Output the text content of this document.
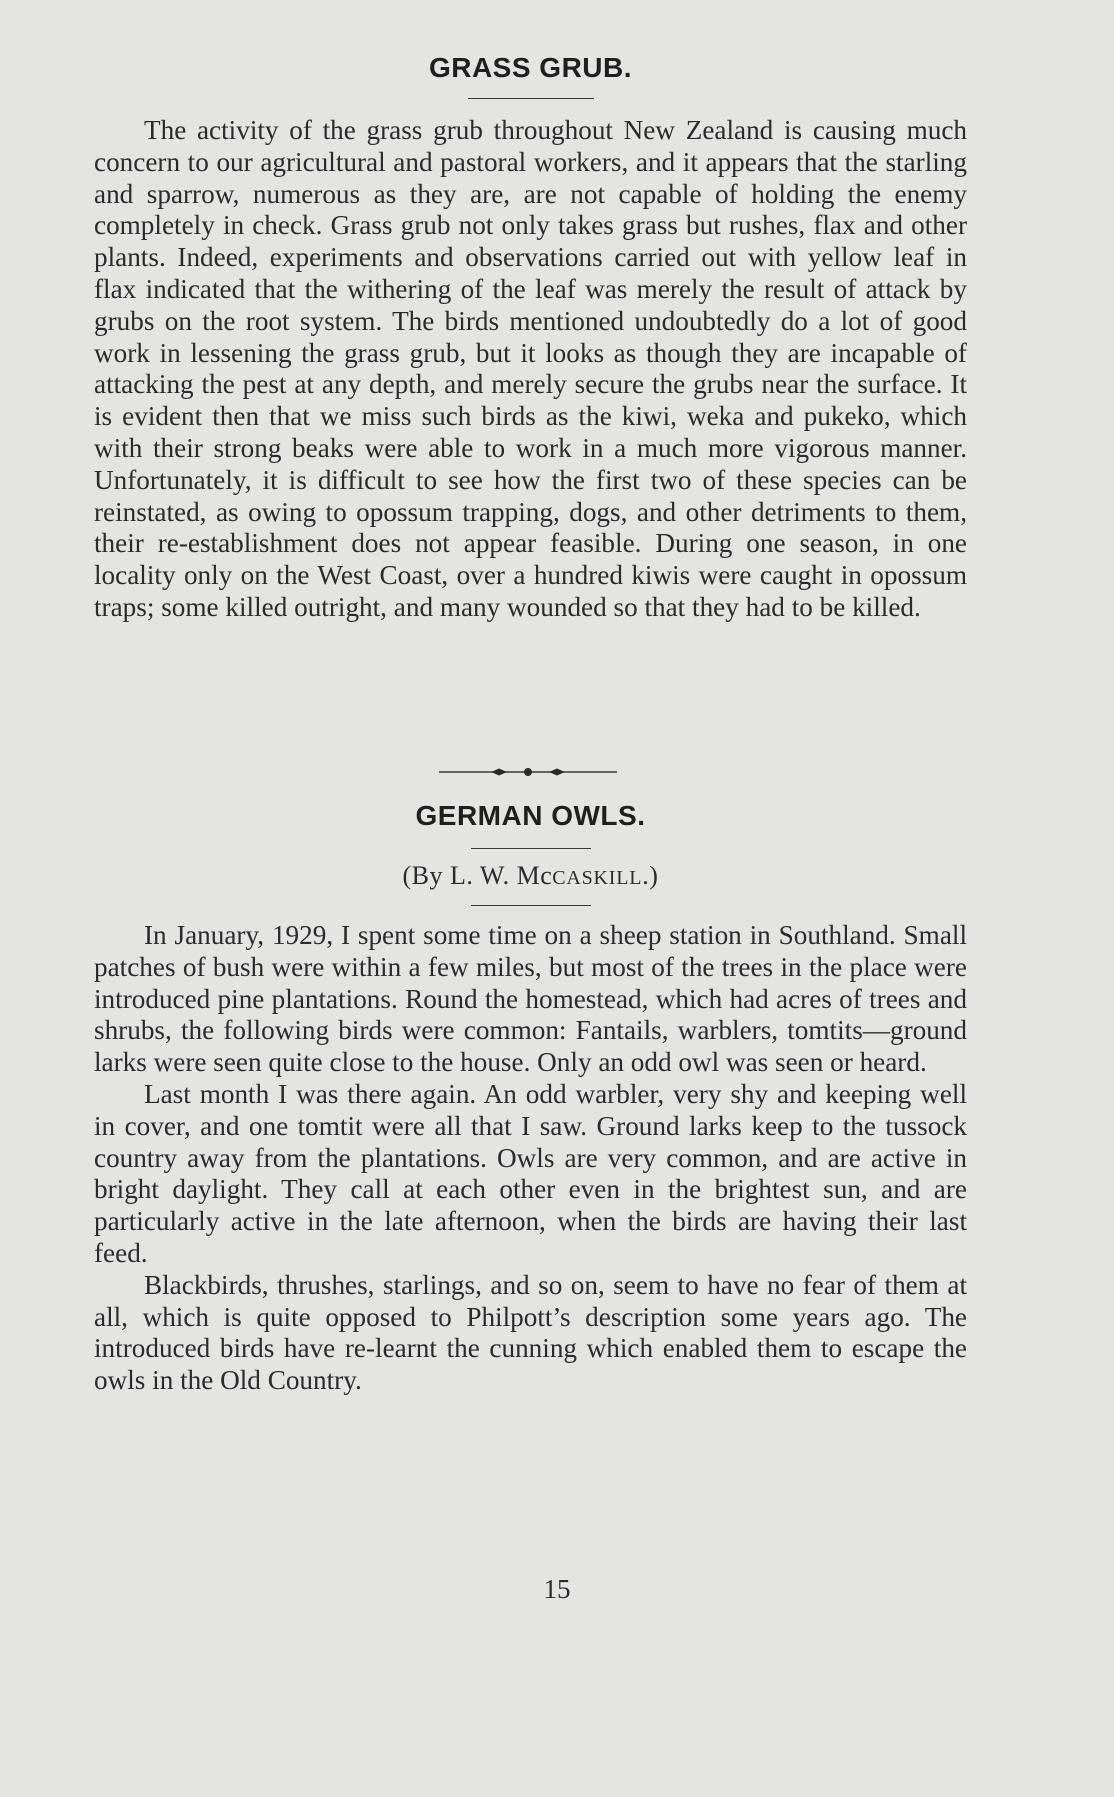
GRASS GRUB.

The activity of the grass grub throughout New Zealand is causing much concern to our agricultural and pastoral workers, and it appears that the starling and sparrow, numerous as they are, are not capable of holding the enemy completely in check. Grass grub not only takes grass but rushes, flax and other plants. Indeed, experiments and observations carried out with yellow leaf in flax indicated that the withering of the leaf was merely the result of attack by grubs on the root system. The birds mentioned undoubtedly do a lot of good work in lessening the grass grub, but it looks as though they are incapable of attacking the pest at any depth, and merely secure the grubs near the surface. It is evident then that we miss such birds as the kiwi, weka and pukeko, which with their strong beaks were able to work in a much more vigorous manner. Unfortunately, it is difficult to see how the first two of these species can be reinstated, as owing to opossum trapping, dogs, and other detriments to them, their re-establishment does not appear feasible. During one season, in one locality only on the West Coast, over a hundred kiwis were caught in opossum traps; some killed outright, and many wounded so that they had to be killed.

GERMAN OWLS.
(By L. W. McCASKILL.)

In January, 1929, I spent some time on a sheep station in Southland. Small patches of bush were within a few miles, but most of the trees in the place were introduced pine plantations. Round the homestead, which had acres of trees and shrubs, the following birds were common: Fantails, warblers, tomtits—ground larks were seen quite close to the house. Only an odd owl was seen or heard.

Last month I was there again. An odd warbler, very shy and keeping well in cover, and one tomtit were all that I saw. Ground larks keep to the tussock country away from the plantations. Owls are very common, and are active in bright daylight. They call at each other even in the brightest sun, and are particularly active in the late afternoon, when the birds are having their last feed.

Blackbirds, thrushes, starlings, and so on, seem to have no fear of them at all, which is quite opposed to Philpott’s description some years ago. The introduced birds have re-learnt the cunning which enabled them to escape the owls in the Old Country.

15
